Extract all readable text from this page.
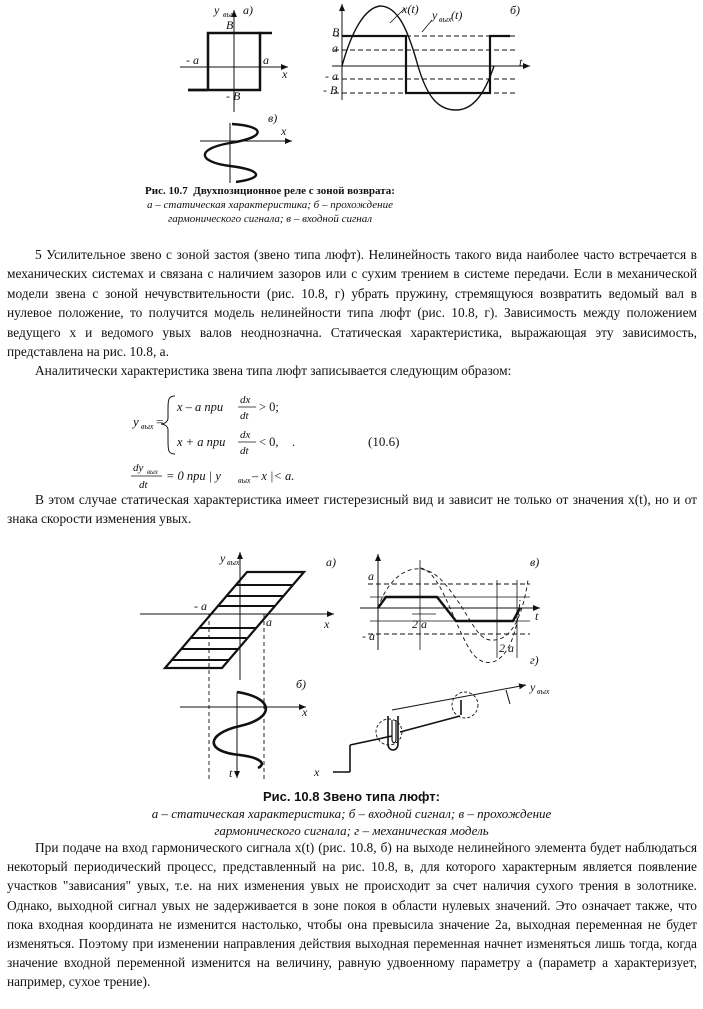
y вых а)
B
a
- a
x
- B
x(t) y вых (t)	б)
B
a
- a
- B
t
x
в)
Рис. 10.7 Двухпозиционное реле с зоной возврата:
а – статическая характеристика; б – прохождение
гармонического сигнала; в – входной сигнал
5 Усилительное звено с зоной застоя (звено типа люфт). Нелинейность такого вида наиболее часто встречается в механических системах и связана с наличием зазоров или с сухим трением в системе передачи. Если в механической модели звена с зоной нечувствительности (рис. 10.8, г) убрать пружину, стремящуюся возвратить ведомый вал в нулевое положение, то получится модель нелинейности типа люфт (рис. 10.8, г). Зависимость между положением ведущего x и ведомого yвых валов неоднозначна. Статическая характеристика, выражающая эту зависимость, представлена на рис. 10.8, а.
Аналитически характеристика звена типа люфт записывается следующим образом:
y вых =
x – a при dx
dt
> 0;
x + a при dx
dt
< 0, .	(10.6)
dy вых
dt
= 0 при | y вых – x |< a.
В этом случае статическая характеристика имеет гистерезисный вид и зависит не только от значения x(t), но и от знака скорости изменения yвых.
y вых	а)
- a
a	x
x
б)
t
a
2 a
2 a
- a
t
в)
x
y вых
г)
Рис. 10.8 Звено типа люфт:
а – статическая характеристика; б – входной сигнал; в – прохождение
гармонического сигнала; г – механическая модель
При подаче на вход гармонического сигнала x(t) (рис. 10.8, б) на выходе нелинейного элемента будет наблюдаться некоторый периодический процесс, представленный на рис. 10.8, в, для которого характерным является появление участков "зависания" yвых, т.е. на них изменения yвых не происходит за счет наличия сухого трения в золотнике. Однако, выходной сигнал yвых не задерживается в зоне покоя в области нулевых значений. Это означает также, что пока входная координата не изменится настолько, чтобы она превысила значение 2a, выходная переменная не будет изменяться. Поэтому при изменении направления действия выходная переменная начнет изменяться лишь тогда, когда значение входной переменной изменится на величину, равную удвоенному параметру a (параметр a характеризует, например, сухое трение).
